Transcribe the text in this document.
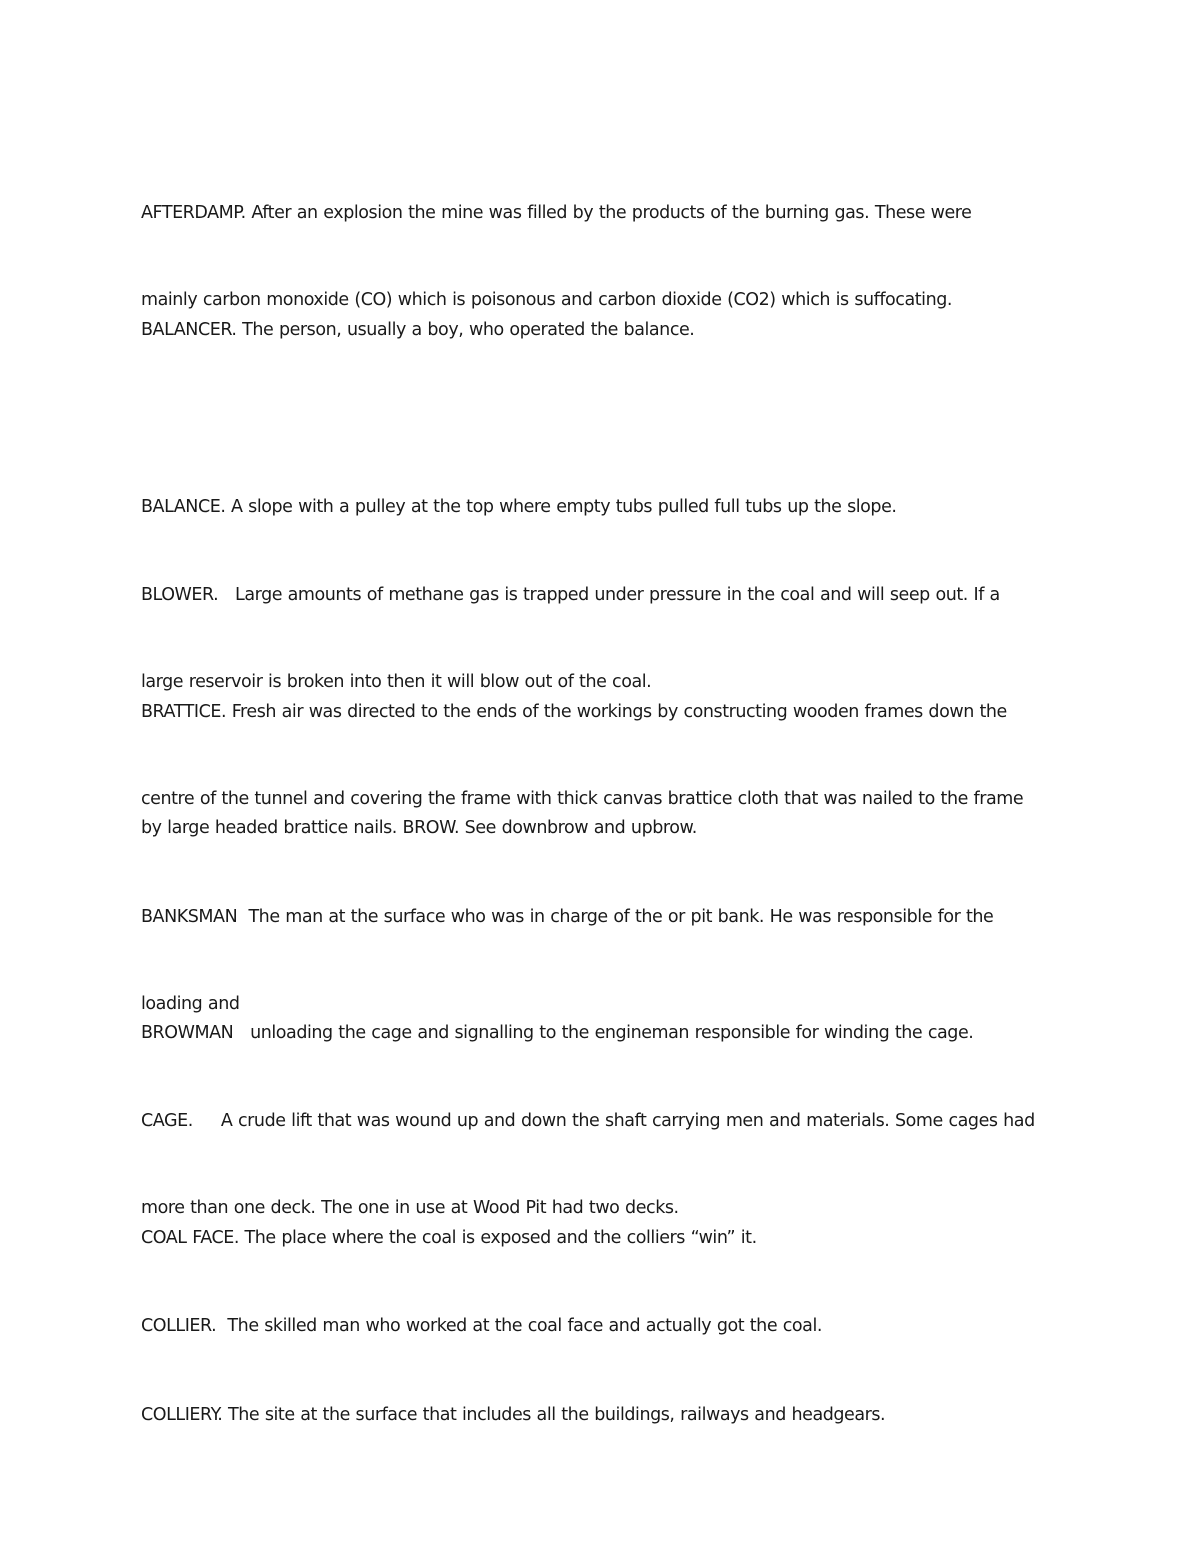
AFTERDAMP. After an explosion the mine was filled by the products of the burning gas. These were

mainly carbon monoxide (CO) which is poisonous and carbon dioxide (CO2) which is suffocating.

BALANCER. The person, usually a boy, who operated the balance.

BALANCE. A slope with a pulley at the top where empty tubs pulled full tubs up the slope.

BLOWER.   Large amounts of methane gas is trapped under pressure in the coal and will seep out. If a

large reservoir is broken into then it will blow out of the coal.

BRATTICE. Fresh air was directed to the ends of the workings by constructing wooden frames down the

centre of the tunnel and covering the frame with thick canvas brattice cloth that was nailed to the frame

by large headed brattice nails. BROW. See downbrow and upbrow.

BANKSMAN  The man at the surface who was in charge of the or pit bank. He was responsible for the

loading and

BROWMAN   unloading the cage and signalling to the engineman responsible for winding the cage.

CAGE.     A crude lift that was wound up and down the shaft carrying men and materials. Some cages had

more than one deck. The one in use at Wood Pit had two decks.

COAL FACE. The place where the coal is exposed and the colliers “win” it.

COLLIER.  The skilled man who worked at the coal face and actually got the coal.

COLLIERY. The site at the surface that includes all the buildings, railways and headgears.
